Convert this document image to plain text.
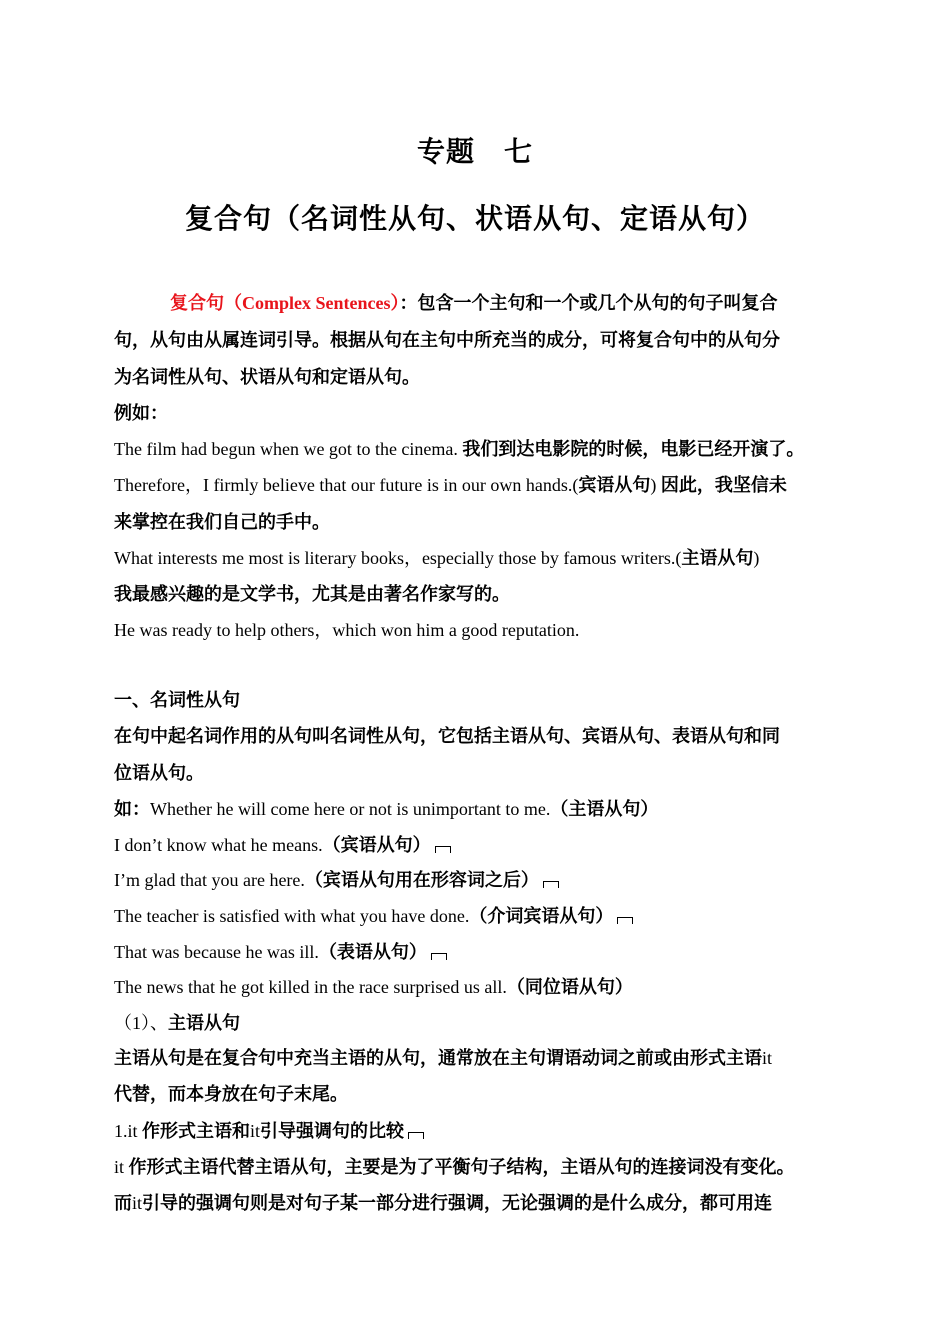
专题　七
复合句（名词性从句、状语从句、定语从句）
复合句（Complex Sentences）：包含一个主句和一个或几个从句的句子叫复合
句，从句由从属连词引导。根据从句在主句中所充当的成分，可将复合句中的从句分
为名词性从句、状语从句和定语从句。
例如：
The film had begun when we got to the cinema. 我们到达电影院的时候，电影已经开演了。
Therefore，I firmly believe that our future is in our own hands.(宾语从句) 因此，我坚信未
来掌控在我们自己的手中。
What interests me most is literary books，especially those by famous writers.(主语从句)
我最感兴趣的是文学书，尤其是由著名作家写的。
He was ready to help others，which won him a good reputation.
一、名词性从句
在句中起名词作用的从句叫名词性从句，它包括主语从句、宾语从句、表语从句和同
位语从句。
如：Whether he will come here or not is unimportant to me.（主语从句）
I don’t know what he means.（宾语从句）
I’m glad that you are here.（宾语从句用在形容词之后）
The teacher is satisfied with what you have done.（介词宾语从句）
That was because he was ill.（表语从句）
The news that he got killed in the race surprised us all.（同位语从句）
（1）、主语从句
主语从句是在复合句中充当主语的从句，通常放在主句谓语动词之前或由形式主语it
代替，而本身放在句子末尾。
1.it 作形式主语和it引导强调句的比较
it 作形式主语代替主语从句，主要是为了平衡句子结构，主语从句的连接词没有变化。
而it引导的强调句则是对句子某一部分进行强调，无论强调的是什么成分，都可用连
